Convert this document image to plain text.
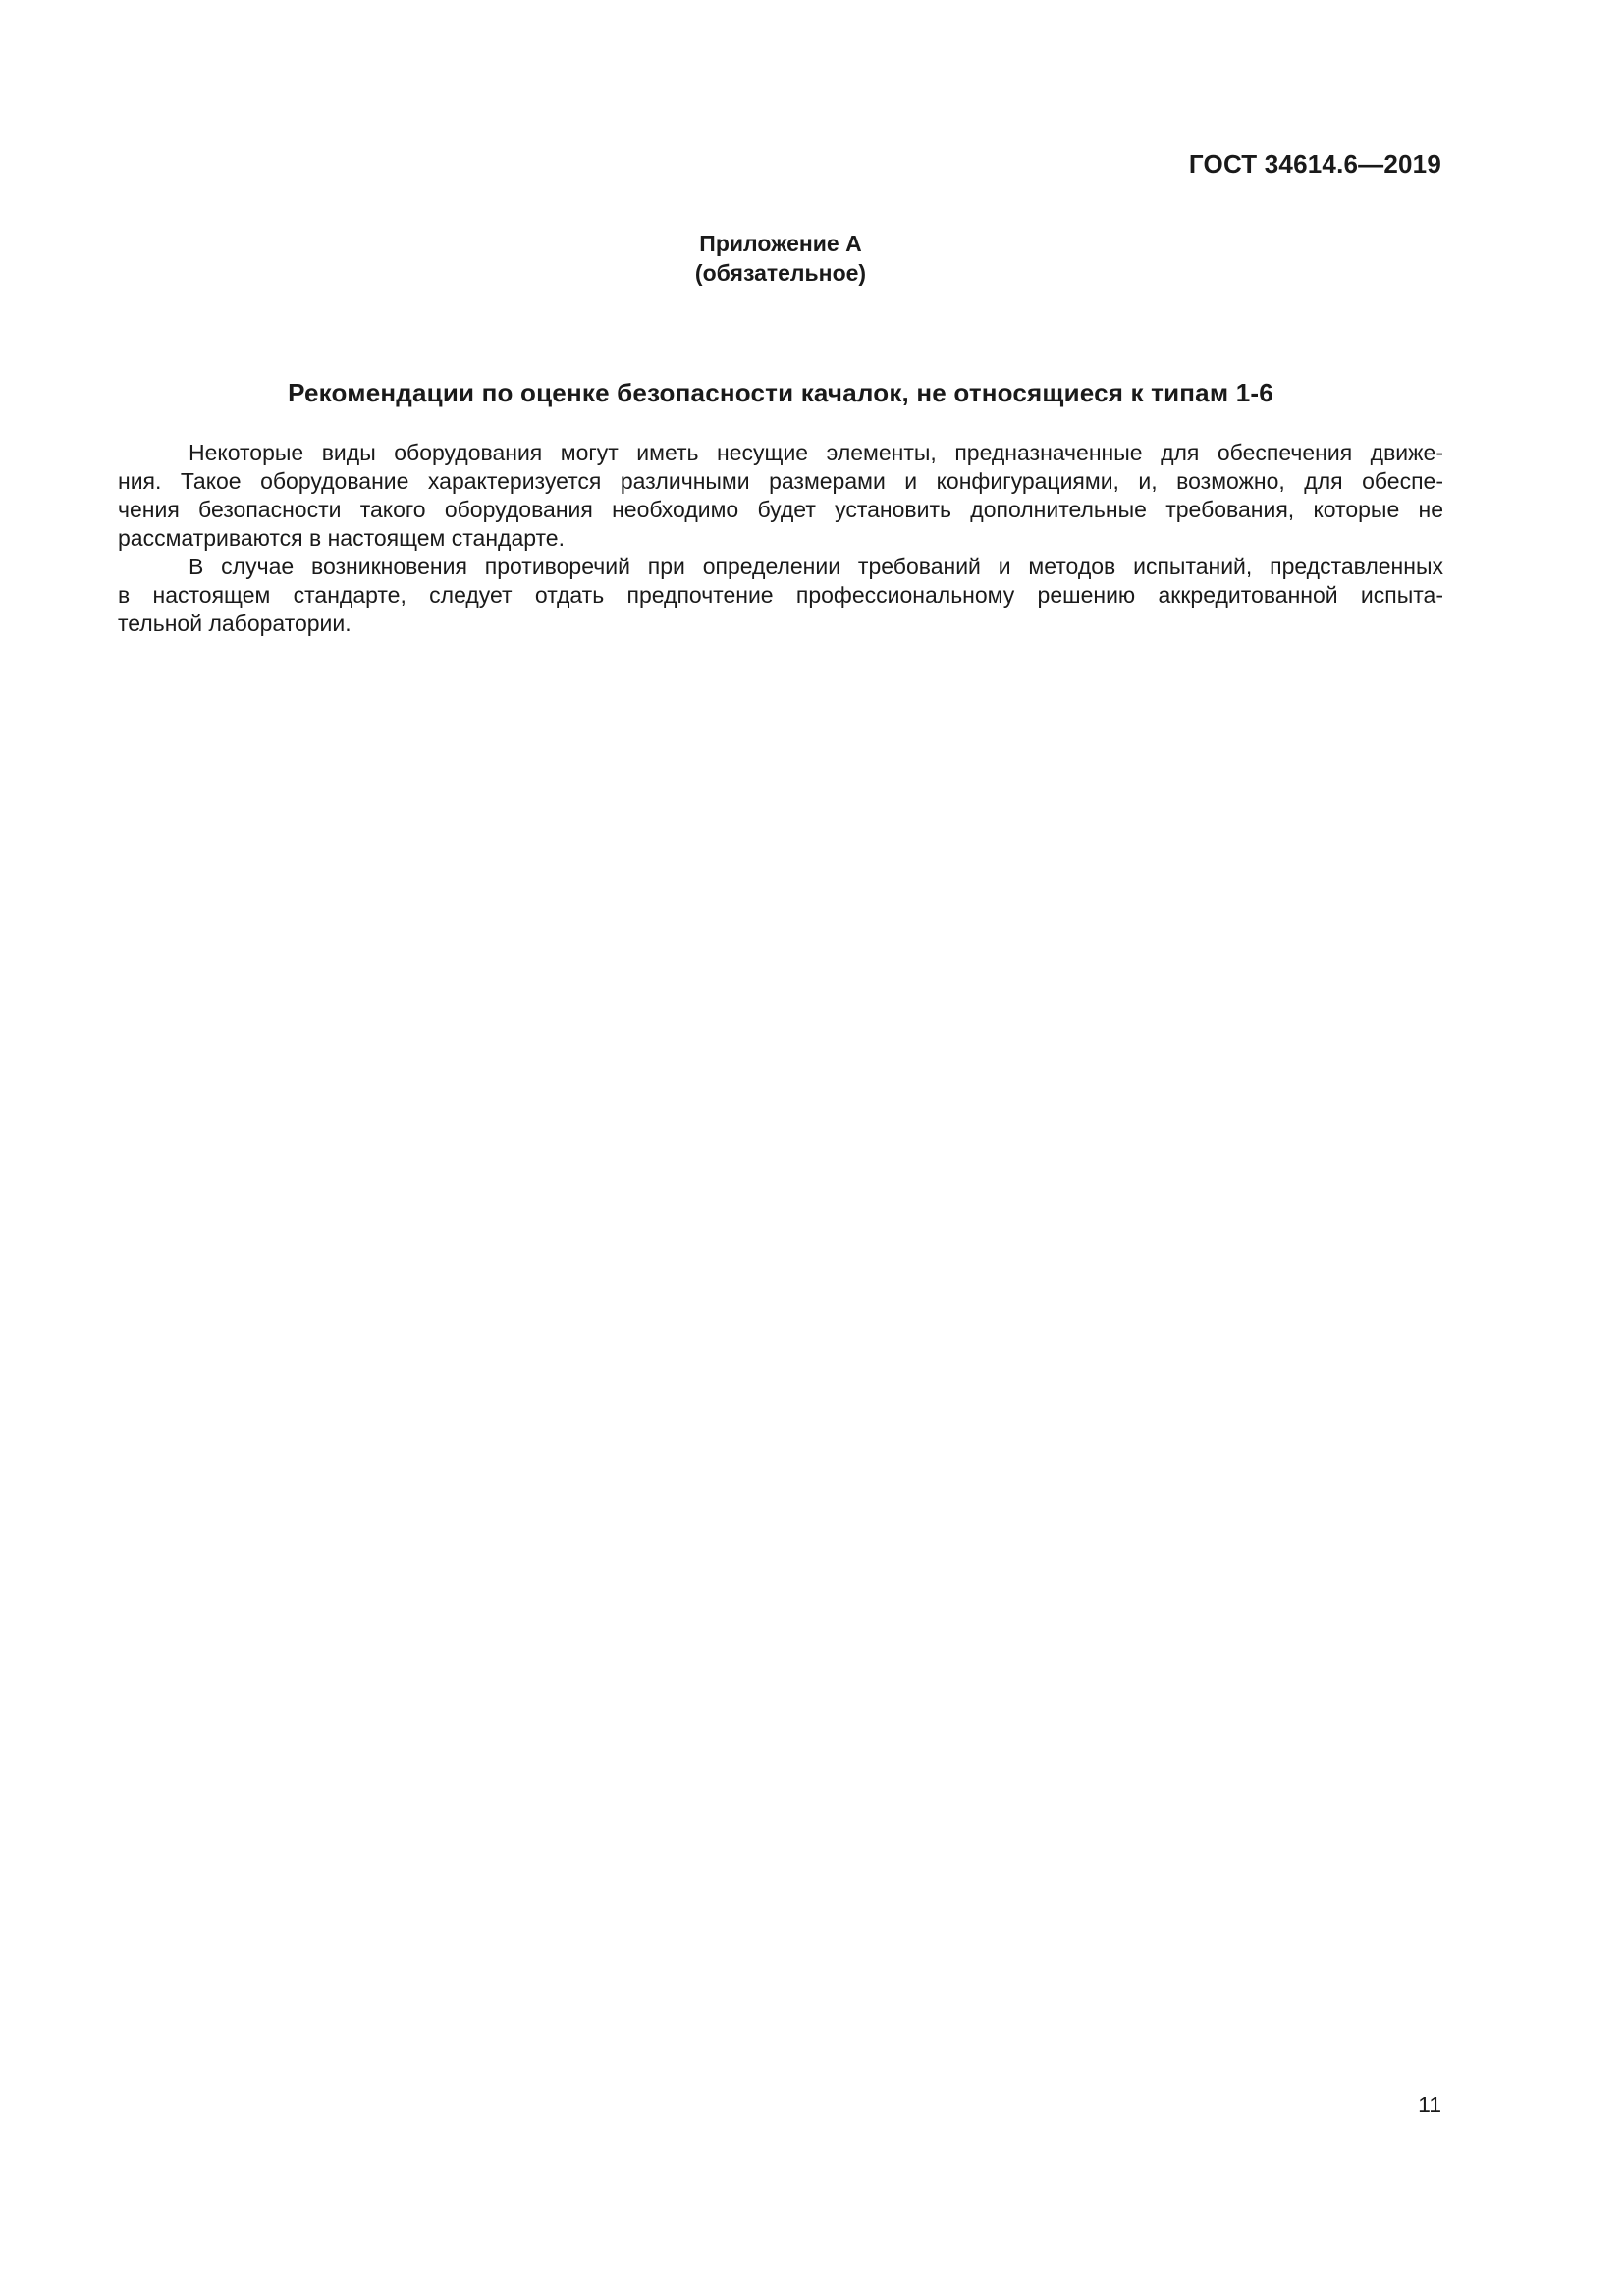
ГОСТ 34614.6—2019
Приложение А
(обязательное)
Рекомендации по оценке безопасности качалок, не относящиеся к типам 1-6
Некоторые виды оборудования могут иметь несущие элементы, предназначенные для обеспечения движе-
ния. Такое оборудование характеризуется различными размерами и конфигурациями, и, возможно, для обеспе-
чения безопасности такого оборудования необходимо будет установить дополнительные требования, которые не
рассматриваются в настоящем стандарте.
В случае возникновения противоречий при определении требований и методов испытаний, представленных
в настоящем стандарте, следует отдать предпочтение профессиональному решению аккредитованной испыта-
тельной лаборатории.
11
